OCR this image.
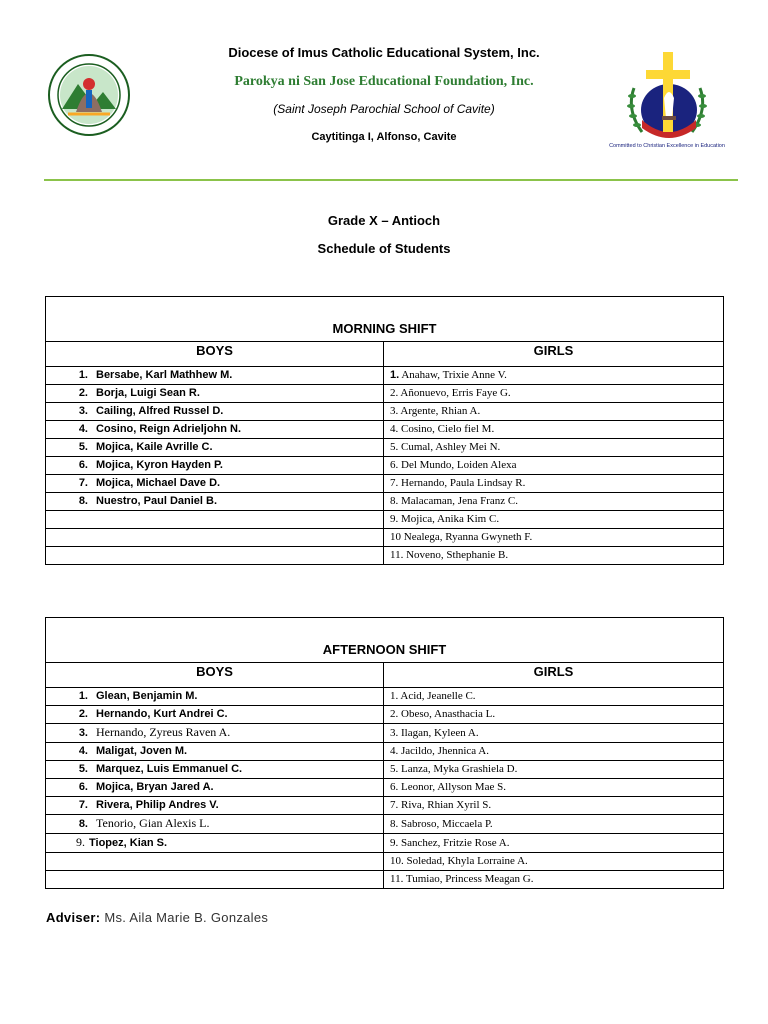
Committed to Christian Excellence in Education
Diocese of Imus Catholic Educational System, Inc.
Parokya ni San Jose Educational Foundation, Inc.
(Saint Joseph Parochial School of Cavite)
Caytitinga I, Alfonso, Cavite
Grade X – Antioch
Schedule of Students
MORNING SHIFT	
BOYS	GIRLS
1. Bersabe, Karl Mathhew M.	1. Anahaw, Trixie Anne V.
2. Borja, Luigi Sean R.	2. Añonuevo, Erris Faye G.
3. Cailing, Alfred Russel D.	3. Argente, Rhian A.
4. Cosino, Reign Adrieljohn N.	4. Cosino, Cielo fiel M.
5. Mojica, Kaile Avrille C.	5. Cumal, Ashley Mei N.
6. Mojica, Kyron Hayden P.	6. Del Mundo, Loiden Alexa
7. Mojica, Michael Dave D.	7. Hernando, Paula Lindsay R.
8. Nuestro, Paul Daniel B.	8. Malacaman, Jena Franz C.
	9. Mojica, Anika Kim C.
	10 Nealega, Ryanna Gwyneth F.
	11. Noveno, Sthephanie B.
AFTERNOON SHIFT	
BOYS	GIRLS
1. Glean, Benjamin M.	1. Acid, Jeanelle C.
2. Hernando, Kurt Andrei C.	2. Obeso, Anasthacia L.
3. Hernando, Zyreus Raven A.	3. Ilagan, Kyleen A.
4. Maligat, Joven M.	4. Jacildo, Jhennica A.
5. Marquez, Luis Emmanuel C.	5. Lanza, Myka Grashiela D.
6. Mojica, Bryan Jared A.	6. Leonor, Allyson Mae S.
7. Rivera, Philip Andres V.	7. Riva, Rhian Xyril S.
8. Tenorio, Gian Alexis L.	8. Sabroso, Miccaela P.
9. Tiopez, Kian S.	9. Sanchez, Fritzie Rose A.
	10. Soledad, Khyla Lorraine A.
	11. Tumiao, Princess Meagan G.
Adviser: Ms. Aila Marie B. Gonzales
